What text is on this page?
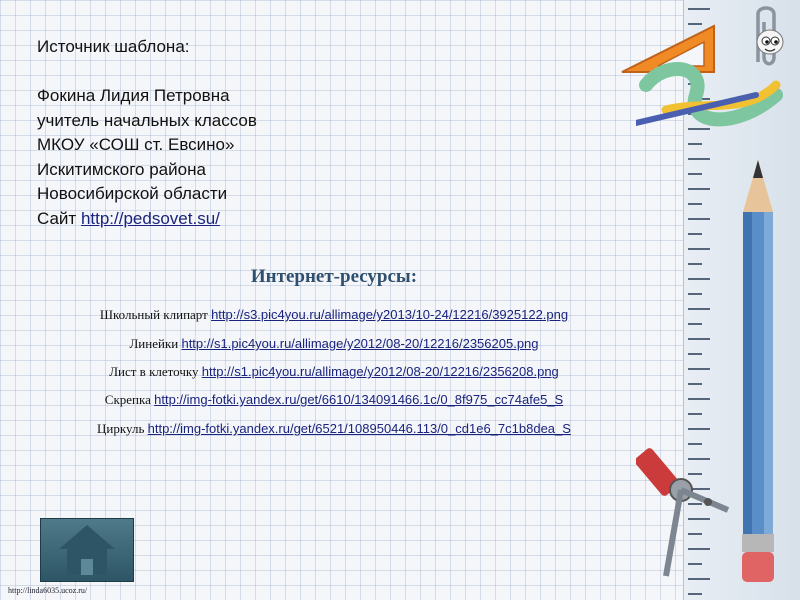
Источник шаблона:
Фокина Лидия Петровна
учитель начальных классов
МКОУ «СОШ ст. Евсино»
Искитимского района
Новосибирской области
Сайт http://pedsovet.su/
Интернет-ресурсы:
Школьный клипарт http://s3.pic4you.ru/allimage/y2013/10-24/12216/3925122.png
Линейки http://s1.pic4you.ru/allimage/y2012/08-20/12216/2356205.png
Лист в клеточку http://s1.pic4you.ru/allimage/y2012/08-20/12216/2356208.png
Скрепка http://img-fotki.yandex.ru/get/6610/134091466.1c/0_8f975_cc74afe5_S
Циркуль http://img-fotki.yandex.ru/get/6521/108950446.113/0_cd1e6_7c1b8dea_S
http://linda6035.ucoz.ru/
